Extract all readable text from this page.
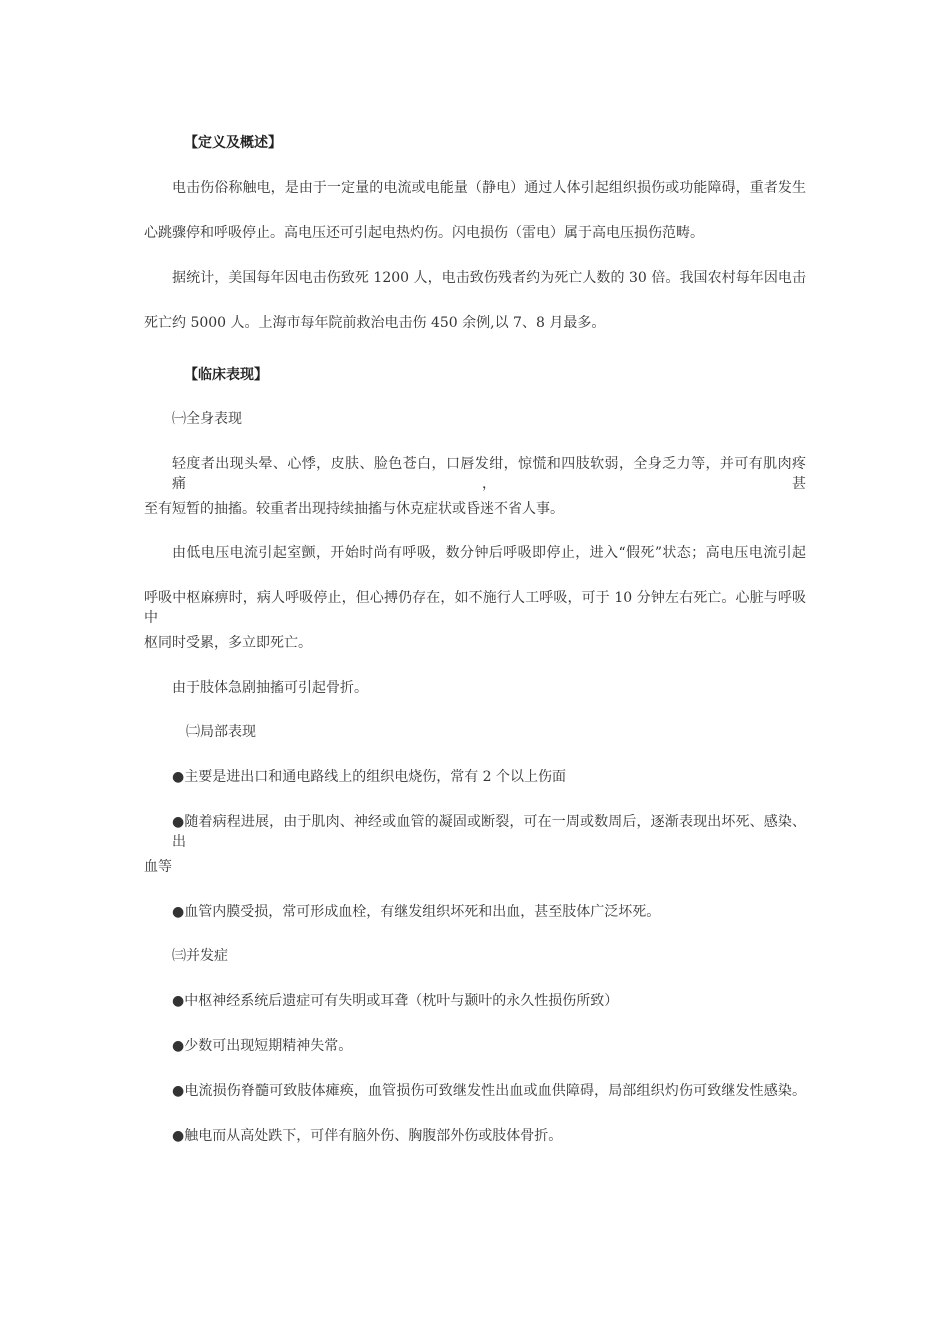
【定义及概述】
电击伤俗称触电，是由于一定量的电流或电能量（静电）通过人体引起组织损伤或功能障碍，重者发生
心跳骤停和呼吸停止。高电压还可引起电热灼伤。闪电损伤（雷电）属于高电压损伤范畴。
据统计，美国每年因电击伤致死 1200 人，电击致伤残者约为死亡人数的 30 倍。我国农村每年因电击
死亡约 5000 人。上海市每年院前救治电击伤 450 余例,以 7、8 月最多。
【临床表现】
㈠全身表现
轻度者出现头晕、心悸，皮肤、脸色苍白，口唇发绀，惊慌和四肢软弱，全身乏力等，并可有肌肉疼痛，甚
至有短暂的抽搐。较重者出现持续抽搐与休克症状或昏迷不省人事。
由低电压电流引起室颤，开始时尚有呼吸，数分钟后呼吸即停止，进入“假死”状态；高电压电流引起
呼吸中枢麻痹时，病人呼吸停止，但心搏仍存在，如不施行人工呼吸，可于 10 分钟左右死亡。心脏与呼吸中
枢同时受累，多立即死亡。
由于肢体急剧抽搐可引起骨折。
㈡局部表现
●主要是进出口和通电路线上的组织电烧伤，常有 2 个以上伤面
●随着病程进展，由于肌肉、神经或血管的凝固或断裂，可在一周或数周后，逐渐表现出坏死、感染、出
血等
●血管内膜受损，常可形成血栓，有继发组织坏死和出血，甚至肢体广泛坏死。
㈢并发症
●中枢神经系统后遗症可有失明或耳聋（枕叶与颞叶的永久性损伤所致）
●少数可出现短期精神失常。
●电流损伤脊髓可致肢体瘫痪，血管损伤可致继发性出血或血供障碍，局部组织灼伤可致继发性感染。
●触电而从高处跌下，可伴有脑外伤、胸腹部外伤或肢体骨折。
